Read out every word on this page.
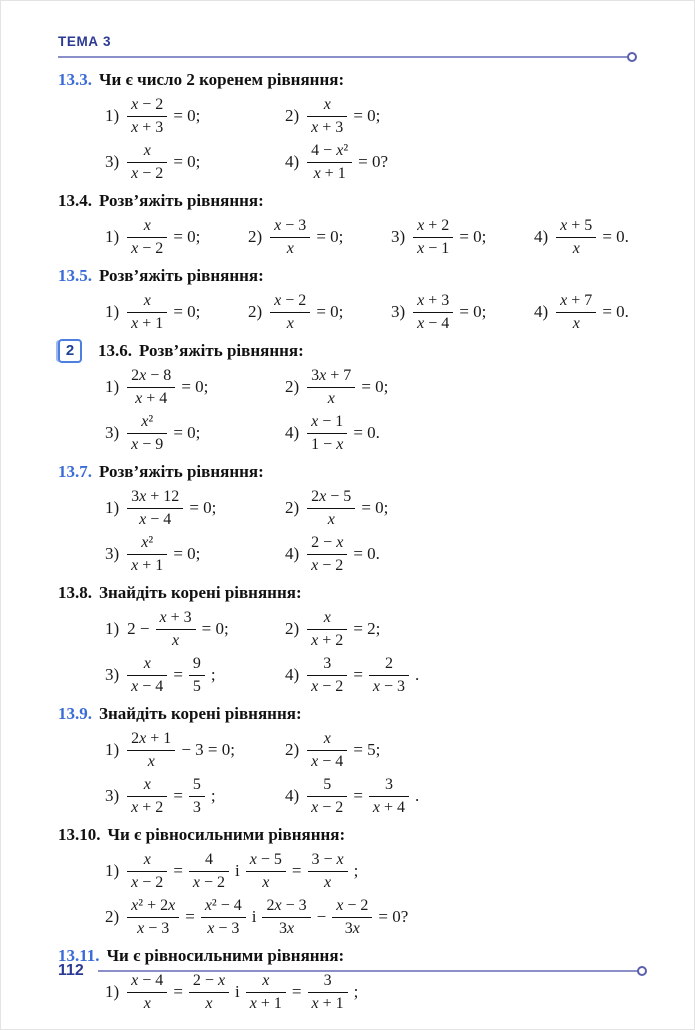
ТЕМА 3
13.3. Чи є число 2 коренем рівняння:
$1) \frac{x - 2}{x + 3} = 0$;	$2) \frac{x}{x + 3} = 0$;
$3) \frac{x}{x - 2} = 0$;	$4) \frac{\text{4 − x²}}{x + 1} = 0$?
13.4. Розв’яжіть рівняння:
$1) \frac{x}{x - 2} = 0$;	$2) \frac{x - 3}{x} = 0$;	$3) \frac{x + 2}{x - 1} = 0$;	$4) \frac{x + 5}{x} = 0$.
13.5. Розв’яжіть рівняння:
$1) \frac{x}{x + 1} = 0$;	$2) \frac{x - 2}{x} = 0$;	$3) \frac{x + 3}{x - 4} = 0$;	$4) \frac{x + 7}{x} = 0$.
2	13.6. Розв’яжіть рівняння:
$1) \frac{2x - 8}{x + 4} = 0$;	$2) \frac{3x + 7}{x} = 0$;
$3) \frac{\text{x²}}{x - 9} = 0$;	$4) \frac{x - 1}{1 - x} = 0$.
13.7. Розв’яжіть рівняння:
$1) \frac{3x + 12}{x - 4} = 0$;	$2) \frac{2x - 5}{x} = 0$;
$3) \frac{\text{x²}}{x + 1} = 0$;	$4) \frac{2 - x}{x - 2} = 0$.
13.8. Знайдіть корені рівняння:
1) $2 - \frac{x + 3}{x} = 0$;	$2) \frac{x}{x + 2} = 2$;
$3) \frac{x}{x - 4} = \frac{9}{5}$ ;	$4) \frac{3}{x - 2} = \frac{2}{x - 3}$ .
13.9. Знайдіть корені рівняння:
$1) \frac{2x + 1}{x} - 3 = 0$;	$2) \frac{x}{x - 4} = 5$;
$3) \frac{x}{x + 2} = \frac{5}{3}$ ;	$4) \frac{5}{x - 2} = \frac{3}{x + 4}$ .
13.10. Чи є рівносильними рівняння:
$1) \frac{x}{x - 2} = \frac{4}{x - 2}$ і $\frac{x - 5}{x} = \frac{3 - x}{x}$ ;
$2) \frac{\text{x² + 2x}}{x - 3} = \frac{\text{x² − 4}}{x - 3}$ і $\frac{2x - 3}{3x} - \frac{x - 2}{3x} = 0$?
13.11. Чи є рівносильними рівняння:
$1) \frac{x - 4}{x} = \frac{2 - x}{x}$ і $\frac{x}{x + 1} = \frac{3}{x + 1}$ ;
112
